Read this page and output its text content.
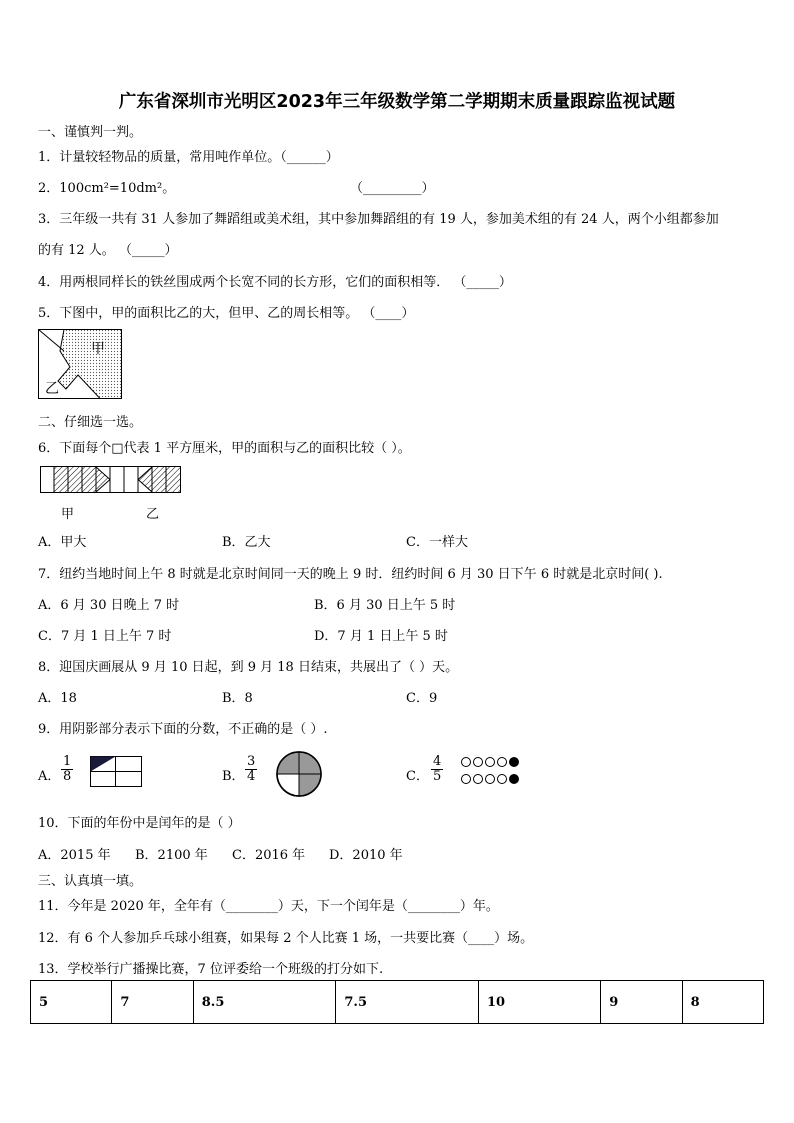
广东省深圳市光明区2023年三年级数学第二学期期末质量跟踪监视试题
一、谨慎判一判。
1．计量较轻物品的质量，常用吨作单位。（______）
2．100cm²=10dm²。	（_________）
3．三年级一共有 31 人参加了舞蹈组或美术组，其中参加舞蹈组的有 19 人，参加美术组的有 24 人，两个小组都参加
的有 12 人。 （_____）
4．用两根同样长的铁丝围成两个长宽不同的长方形，它们的面积相等． （_____）
5．下图中，甲的面积比乙的大，但甲、乙的周长相等。 （____）
甲
乙
二、仔细选一选。
6．下面每个□代表 1 平方厘米，甲的面积与乙的面积比较（ ）。
甲	乙
A．甲大	B．乙大	C．一样大
7．纽约当地时间上午 8 时就是北京时间同一天的晚上 9 时．纽约时间 6 月 30 日下午 6 时就是北京时间( ).
A．6 月 30 日晚上 7 时	B．6 月 30 日上午 5 时
C．7 月 1 日上午 7 时	D．7 月 1 日上午 5 时
8．迎国庆画展从 9 月 10 日起，到 9 月 18 日结束，共展出了（ ）天。
A．18	B．8	C．9
9．用阴影部分表示下面的分数，不正确的是（ ）.
A． $\frac{1}{8}$	B． $\frac{3}{4}$	C． $\frac{4}{5}$
10．下面的年份中是闰年的是（ ）
A．2015 年 B．2100 年 C．2016 年 D．2010 年
三、认真填一填。
11．今年是 2020 年，全年有（________）天，下一个闰年是（________）年。
12．有 6 个人参加乒乓球小组赛，如果每 2 个人比赛 1 场，一共要比赛（____）场。
13．学校举行广播操比赛，7 位评委给一个班级的打分如下.
5	7	8.5	7.5	10	9	8
